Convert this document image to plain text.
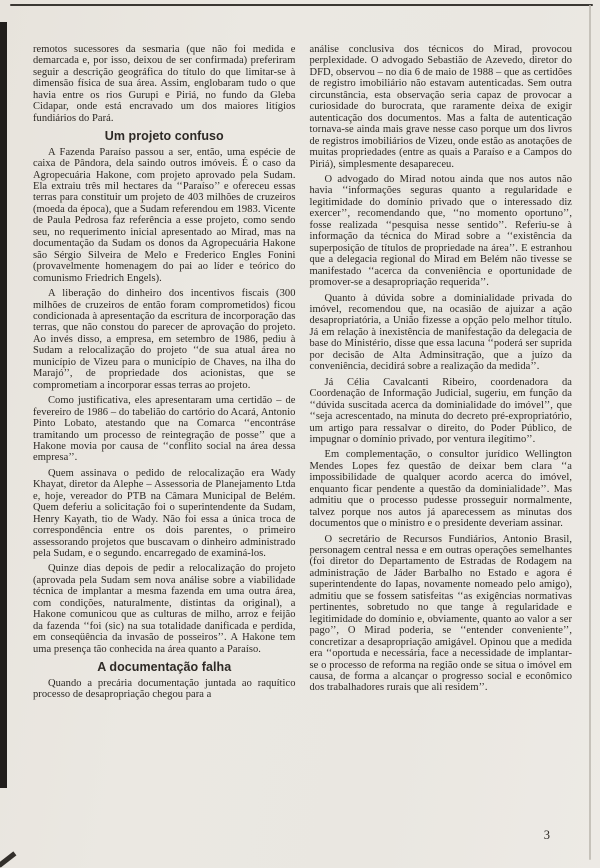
remotos sucessores da sesmaria (que não foi medida e demarcada e, por isso, deixou de ser confirmada) preferiram seguir a descrição geográfica do título do que limitar-se à dimensão física de sua área. Assim, englobaram tudo o que havia entre os rios Gurupi e Piriá, no fundo da Gleba Cidapar, onde está encravado um dos maiores litígios fundiários do Pará.

Um projeto confuso

A Fazenda Paraíso passou a ser, então, uma espécie de caixa de Pândora, dela saindo outros imóveis. É o caso da Agropecuária Hakone, com projeto aprovado pela Sudam. Ela extraiu três mil hectares da ‘‘Paraíso’’ e ofereceu essas terras para constituir um projeto de 403 milhões de cruzeiros (moeda da época), que a Sudam referendou em 1983. Vicente de Paula Pedrosa faz referência a esse projeto, como sendo seu, no requerimento inicial apresentado ao Mirad, mas na documentação da Sudam os donos da Agropecuária Hakone são Sérgio Silveira de Melo e Frederico Engles Fonini (provavelmente homenagem do pai ao líder e teórico do comunismo Friedrich Engels).

A liberação do dinheiro dos incentivos fiscais (300 milhões de cruzeiros de então foram comprometidos) ficou condicionada à apresentação da escritura de incorporação das terras, que não constou do parecer de aprovação do projeto. Ao invés disso, a empresa, em setembro de 1986, pediu à Sudam a relocalização do projeto ‘‘de sua atual área no município de Vizeu para o município de Chaves, na ilha do Marajó’’, de propriedade dos acionistas, que se comprometiam a incorporar essas terras ao projeto.

Como justificativa, eles apresentaram uma certidão – de fevereiro de 1986 – do tabelião do cartório do Acará, Antonio Pinto Lobato, atestando que na Comarca ‘‘encontráse tramitando um processo de reintegração de posse’’ que a Hakone movia por causa de ‘‘conflito social na área dessa empresa’’.

Quem assinava o pedido de relocalização era Wady Khayat, diretor da Alephe – Assessoria de Planejamento Ltda e, hoje, vereador do PTB na Câmara Municipal de Belém. Quem deferiu a solicitação foi o superintendente da Sudam, Henry Kayath, tio de Wady. Não foi essa a única troca de correspondência entre os dois parentes, o primeiro assessorando projetos que buscavam o dinheiro administrado pela Sudam, e o segundo. encarregado de examiná-los.

Quinze dias depois de pedir a relocalização do projeto (aprovada pela Sudam sem nova análise sobre a viabilidade técnica de implantar a mesma fazenda em uma outra área, com condições, naturalmente, distintas da original), a Hakone comunicou que as culturas de milho, arroz e feijão da fazenda ‘‘foi (sic) na sua totalidade danificada e perdida, em conseqüência da invasão de posseiros’’. A Hakone tem uma presença tão conhecida na área quanto a Paraíso.

A documentação falha

Quando a precária documentação juntada ao raquítico processo de desapropriação chegou para a

análise conclusiva dos técnicos do Mirad, provocou perplexidade. O advogado Sebastião de Azevedo, diretor do DFD, observou – no dia 6 de maio de 1988 – que as certidões de registro imobiliário não estavam autenticadas. Sem outra circunstância, esta observação seria capaz de provocar a curiosidade do burocrata, que raramente deixa de exigir autenticação dos documentos. Mas a falta de autenticação tornava-se ainda mais grave nesse caso porque um dos livros de registros imobiliários de Vizeu, onde estão as anotações de muitas propriedades (entre as quais a Paraíso e a Campos do Piriá), simplesmente desapareceu.

O advogado do Mirad notou ainda que nos autos não havia ‘‘informações seguras quanto a regularidade e legitimidade do domínio privado que o interessado diz exercer’’, recomendando que, ‘‘no momento oportuno’’, fosse realizada ‘‘pesquisa nesse sentido’’. Referiu-se à informação da técnica do Mirad sobre a ‘‘existência da superposição de títulos de propriedade na área’’. E estranhou que a delegacia regional do Mirad em Belém não tivesse se manifestado ‘‘acerca da conveniência e oportunidade de promover-se a desapropriação requerida’’.

Quanto à dúvida sobre a dominialidade privada do imóvel, recomendou que, na ocasião de ajuizar a ação desapropriatória, a União fizesse a opção pelo melhor título. Já em relação à inexistência de manifestação da delegacia de base do Ministério, disse que essa lacuna ‘‘poderá ser suprida por decisão de Alta Adminsitração, que a juízo da conveniência, decidirá sobre a realização da medida’’.

Já Célia Cavalcanti Ribeiro, coordenadora da Coordenação de Informação Judicial, sugeriu, em função da ‘‘dúvida suscitada acerca da dominialidade do imóvel’’, que ‘‘seja acrescentado, na minuta do decreto pré-expropriatório, um artigo para ressalvar o direito, do Poder Público, de impugnar o domínio privado, por ventura ilegítimo’’.

Em complementação, o consultor jurídico Wellington Mendes Lopes fez questão de deixar bem clara ‘‘a impossibilidade de qualquer acordo acerca do imóvel, enquanto ficar pendente a questão da dominialidade’’. Mas admitiu que o processo pudesse prosseguir normalmente, talvez porque nos autos já aparecessem as minutas dos documentos que o ministro e o presidente deveriam assinar.

O secretário de Recursos Fundiários, Antonio Brasil, personagem central nessa e em outras operações semelhantes (foi diretor do Departamento de Estradas de Rodagem na administração de Jáder Barbalho no Estado e agora é superintendente do Iapas, novamente nomeado pelo amigo), admitiu que se fossem satisfeitas ‘‘as exigências normativas pertinentes, sobretudo no que tange à regularidade e legitimidade do domínio e, obviamente, quanto ao valor a ser pago’’, O Mirad poderia, se ‘‘entender conveniente’’, concretizar a desapropriação amigável. Opinou que a medida era ‘‘oportuda e necessária, face a necessidade de implantar-se o processo de reforma na região onde se situa o imóvel em causa, de forma a alcançar o progresso social e econômico dos trabalhadores rurais que ali residem’’.

3
